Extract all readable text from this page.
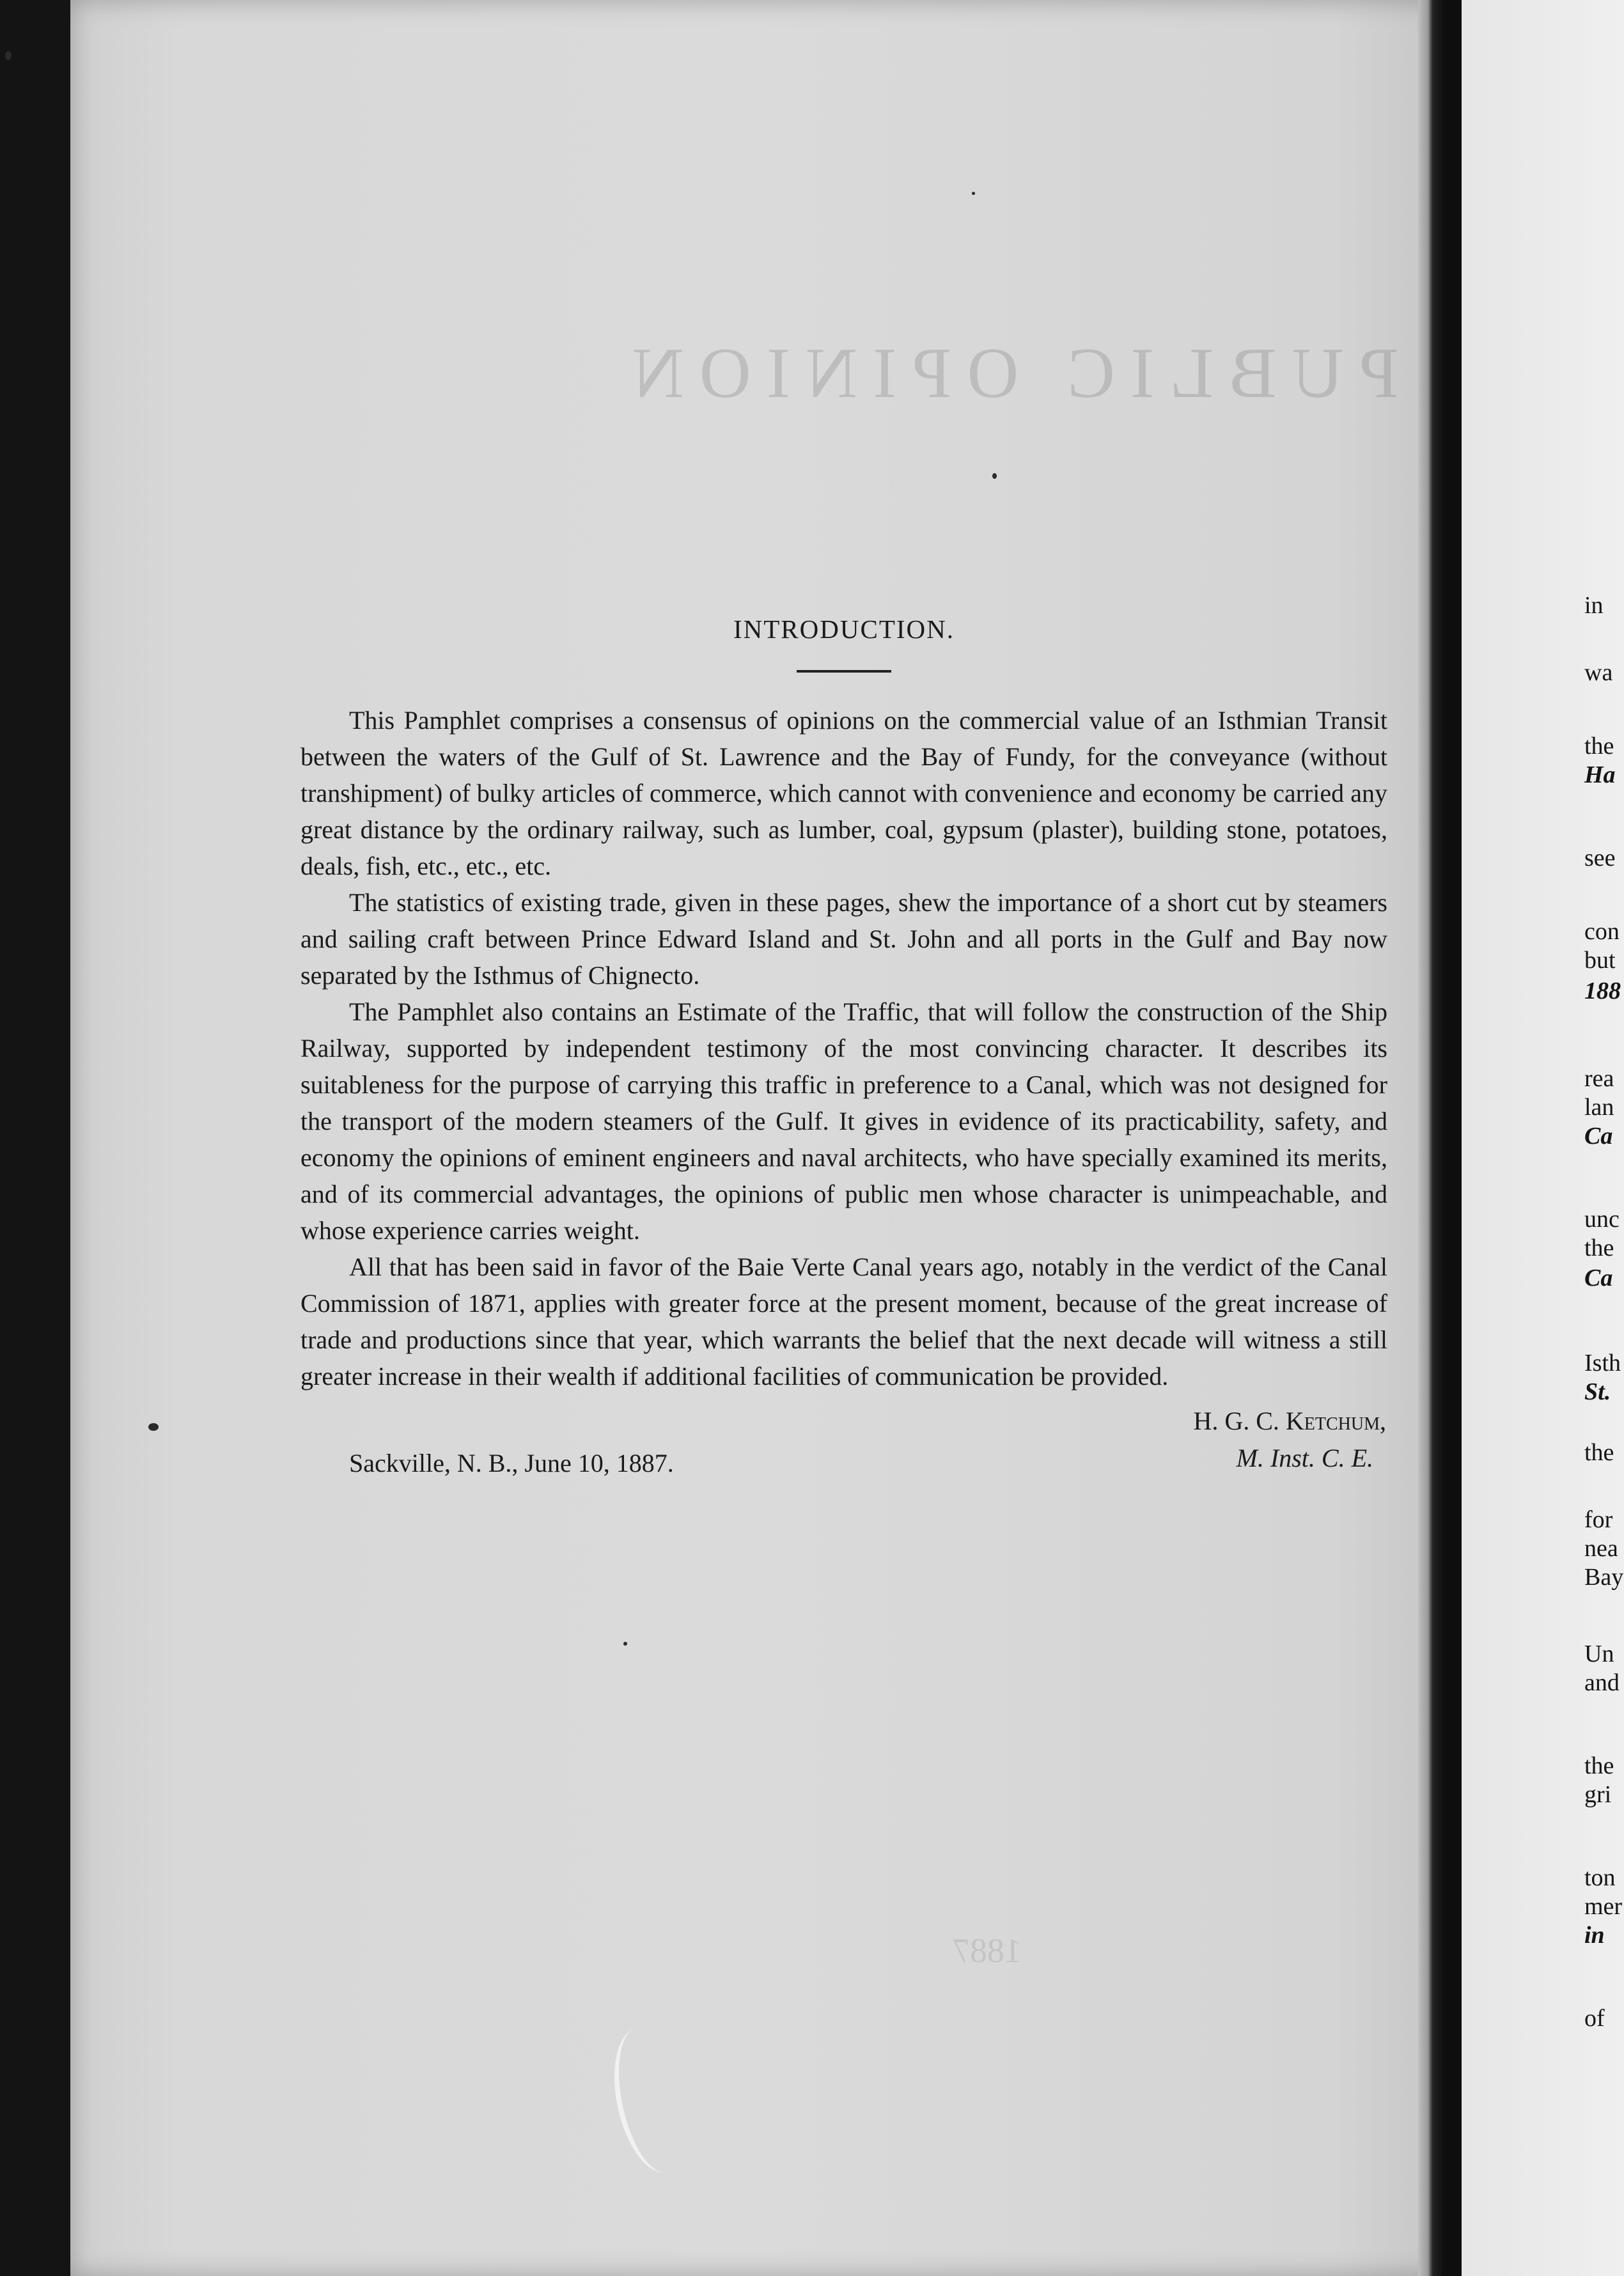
PUBLIC OPINION
1887
in
wa
the
Ha
see
con
but
188
rea
lan
Ca
unc
the
Ca
Isth
St.
the
for
nea
Bay
Un
and
the
gri
ton
mer
in
of
INTRODUCTION.

This Pamphlet comprises a consensus of opinions on the commercial value of an Isthmian Transit between the waters of the Gulf of St. Lawrence and the Bay of Fundy, for the conveyance (without transhipment) of bulky articles of commerce, which cannot with convenience and economy be carried any great distance by the ordinary railway, such as lumber, coal, gypsum (plaster), building stone, potatoes, deals, fish, etc., etc., etc.

The statistics of existing trade, given in these pages, shew the importance of a short cut by steamers and sailing craft between Prince Edward Island and St. John and all ports in the Gulf and Bay now separated by the Isthmus of Chignecto.

The Pamphlet also contains an Estimate of the Traffic, that will follow the construction of the Ship Railway, supported by independent testimony of the most convincing character. It describes its suitableness for the purpose of carrying this traffic in preference to a Canal, which was not designed for the transport of the modern steamers of the Gulf. It gives in evidence of its practicability, safety, and economy the opinions of eminent engineers and naval architects, who have specially examined its merits, and of its commercial advantages, the opinions of public men whose character is unimpeachable, and whose experience carries weight.

All that has been said in favor of the Baie Verte Canal years ago, notably in the verdict of the Canal Commission of 1871, applies with greater force at the present moment, because of the great increase of trade and productions since that year, which warrants the belief that the next decade will witness a still greater increase in their wealth if additional facilities of communication be provided.

H. G. C. Ketchum,
M. Inst. C. E.
Sackville, N. B., June 10, 1887.
